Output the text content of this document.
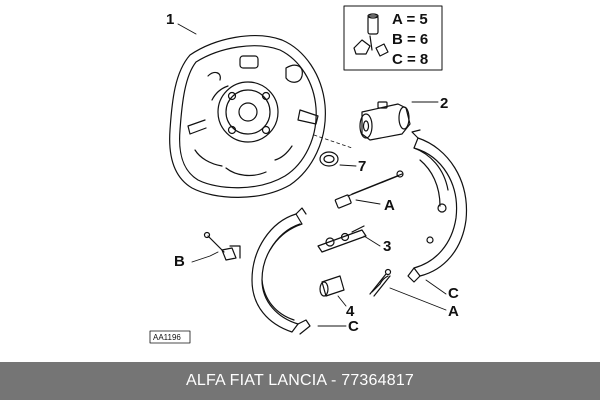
1
2
7
A
3
B
C
A
4
C
A = 5
B = 6
C = 8
AA1196
ALFA FIAT LANCIA - 77364817
